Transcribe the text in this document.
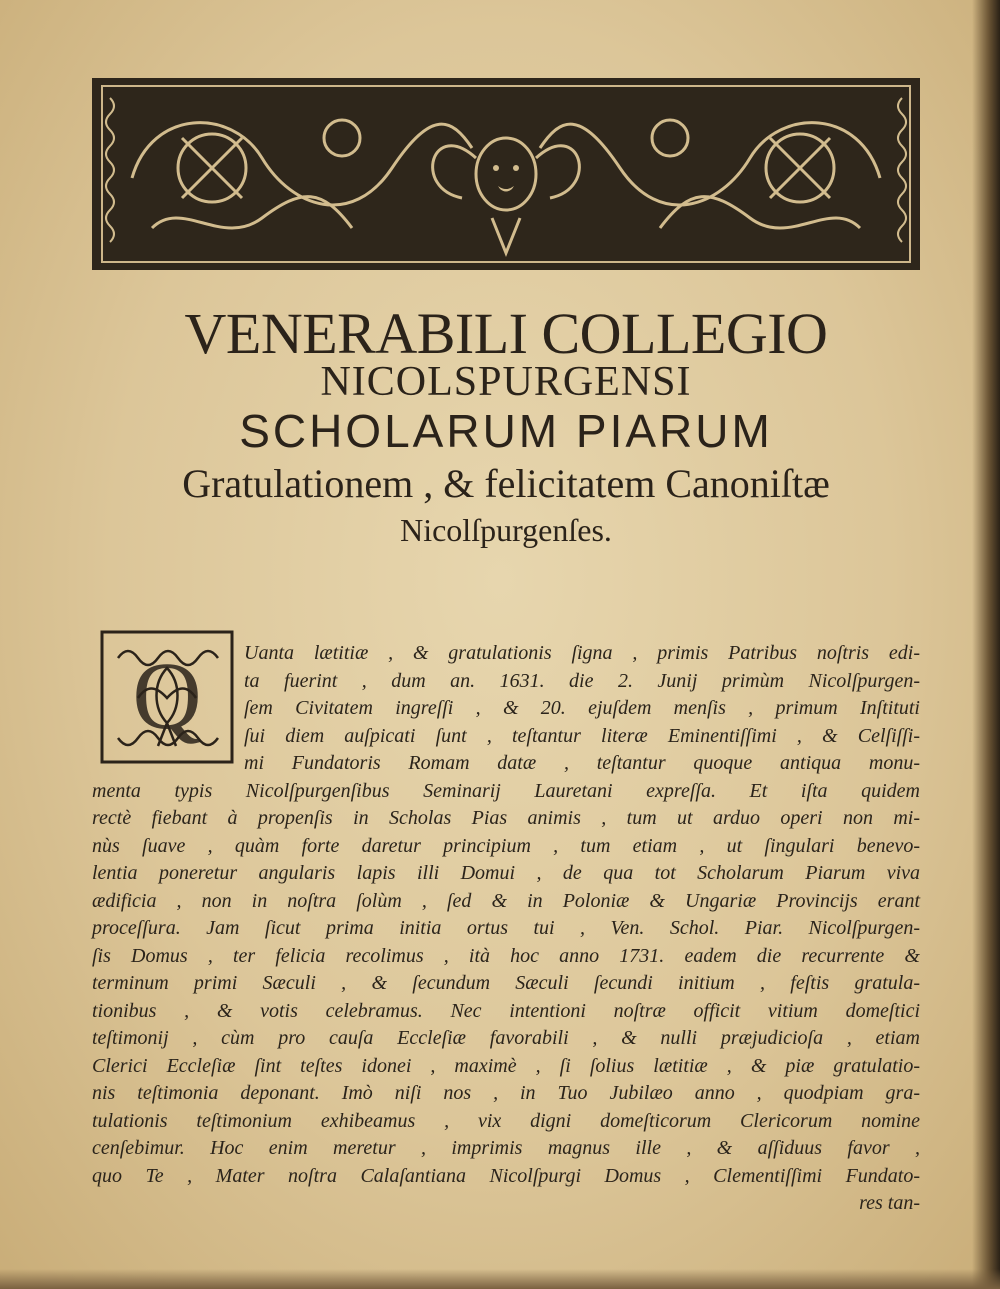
VENERABILI COLLEGIO
NICOLSPURGENSI
SCHOLARUM PIARUM
Gratulationem , & felicitatem Canoniſtæ
Nicolſpurgenſes.
Q	Uanta lætitiæ , & gratulationis ſigna , primis Patribus noſtris edi-
ta fuerint , dum an. 1631. die 2. Junij primùm Nicolſpurgen-
ſem Civitatem ingreſſi , & 20. ejuſdem menſis , primum Inſtituti
ſui diem auſpicati ſunt , teſtantur literæ Eminentiſſimi , & Celſiſſi-
mi Fundatoris Romam datæ , teſtantur quoque antiqua monu-
menta typis Nicolſpurgenſibus Seminarij Lauretani expreſſa. Et iſta quidem
rectè fiebant à propenſis in Scholas Pias animis , tum ut arduo operi non mi-
nùs ſuave , quàm forte daretur principium , tum etiam , ut ſingulari benevo-
lentia poneretur angularis lapis illi Domui , de qua tot Scholarum Piarum viva
ædificia , non in noſtra ſolùm , ſed & in Poloniæ & Ungariæ Provincijs erant
proceſſura. Jam ſicut prima initia ortus tui , Ven. Schol. Piar. Nicolſpurgen-
ſis Domus , ter felicia recolimus , ità hoc anno 1731. eadem die recurrente &
terminum primi Sæculi , & ſecundum Sæculi ſecundi initium , feſtis gratula-
tionibus , & votis celebramus. Nec intentioni noſtræ officit vitium domeſtici
teſtimonij , cùm pro cauſa Eccleſiæ favorabili , & nulli præjudicioſa , etiam
Clerici Eccleſiæ ſint teſtes idonei , maximè , ſi ſolius lætitiæ , & piæ gratulatio-
nis teſtimonia deponant. Imò niſi nos , in Tuo Jubilæo anno , quodpiam gra-
tulationis teſtimonium exhibeamus , vix digni domeſticorum Clericorum nomine
cenſebimur. Hoc enim meretur , imprimis magnus ille , & aſſiduus favor ,
quo Te , Mater noſtra Calaſantiana Nicolſpurgi Domus , Clementiſſimi Fundato-
res tan-
